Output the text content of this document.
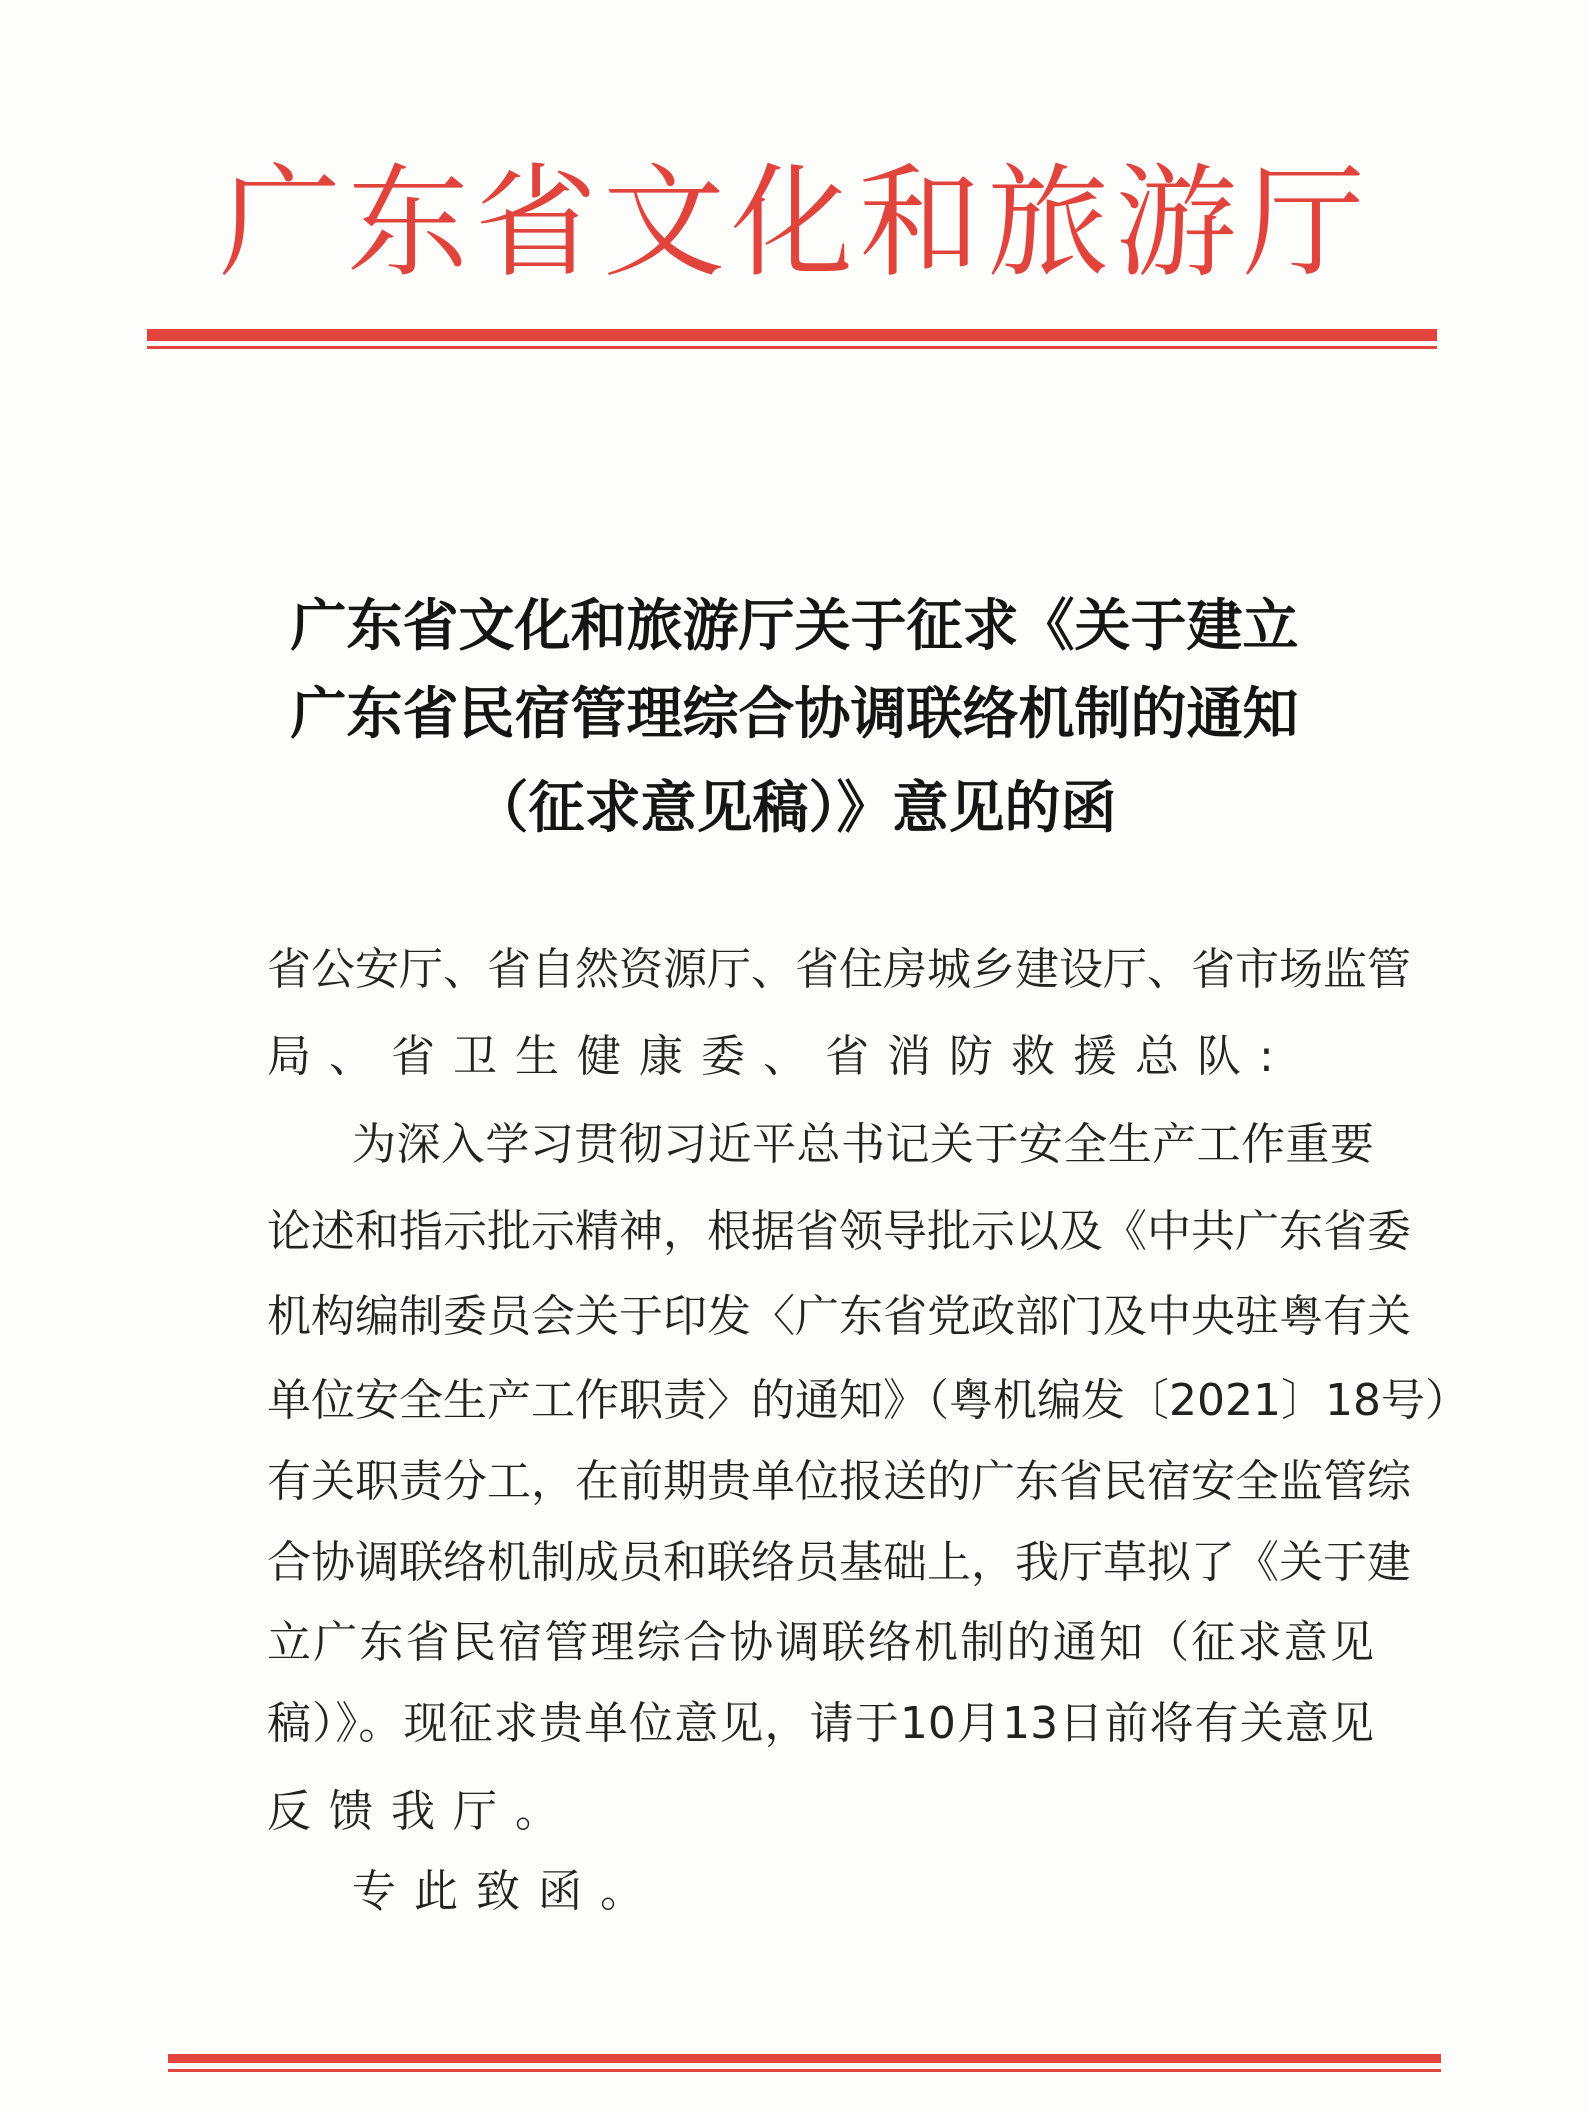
广东省文化和旅游厅
广东省文化和旅游厅关于征求《关于建立
广东省民宿管理综合协调联络机制的通知
（征求意见稿）》意见的函
省公安厅、省自然资源厅、省住房城乡建设厅、省市场监管
局、省卫生健康委、省消防救援总队:
为深入学习贯彻习近平总书记关于安全生产工作重要
论述和指示批示精神，根据省领导批示以及《中共广东省委
机构编制委员会关于印发〈广东省党政部门及中央驻粤有关
单位安全生产工作职责〉的通知》（粤机编发〔2021〕18号）
有关职责分工，在前期贵单位报送的广东省民宿安全监管综
合协调联络机制成员和联络员基础上，我厅草拟了《关于建
立广东省民宿管理综合协调联络机制的通知（征求意见
稿）》。现征求贵单位意见，请于10月13日前将有关意见
反馈我厅。
专此致函。
